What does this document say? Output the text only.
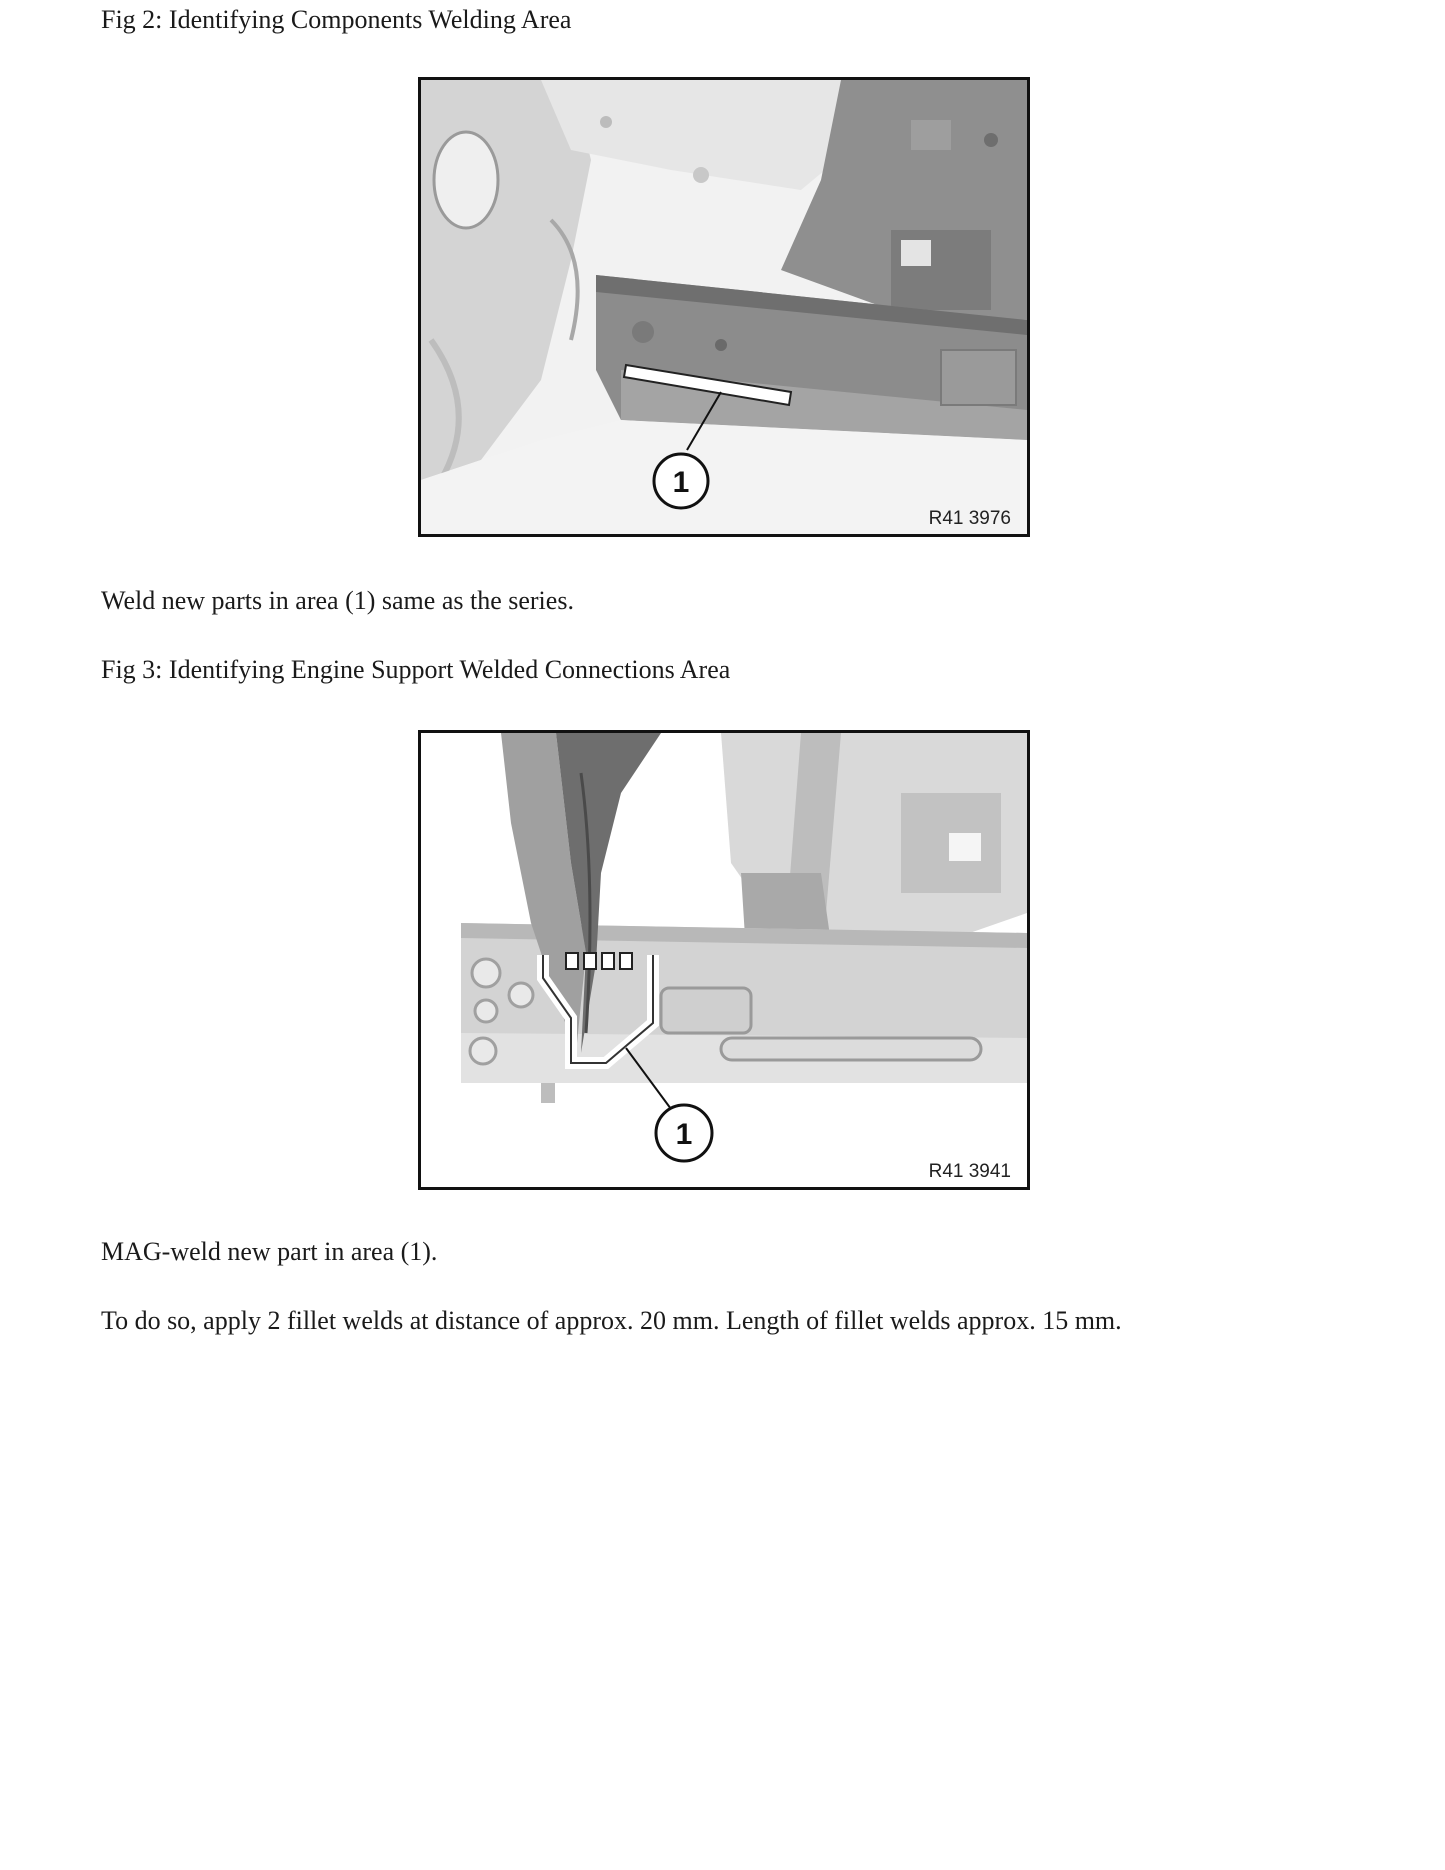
Fig 2: Identifying Components Welding Area
1
R41 3976
Weld new parts in area (1) same as the series.
Fig 3: Identifying Engine Support Welded Connections Area
1
R41 3941
MAG-weld new part in area (1).
To do so, apply 2 fillet welds at distance of approx. 20 mm. Length of fillet welds approx. 15 mm.
